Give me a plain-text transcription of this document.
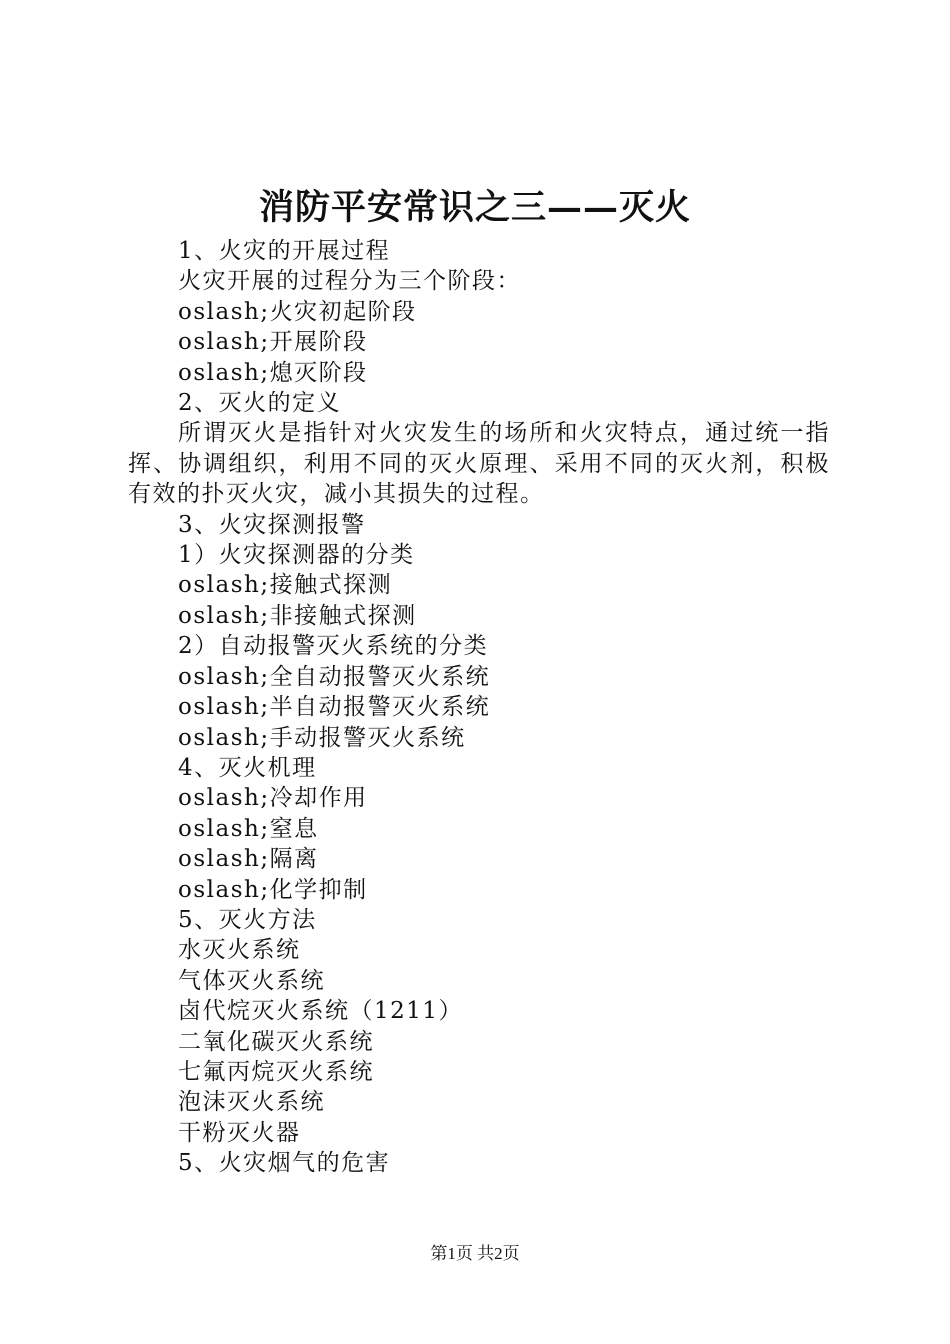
消防平安常识之三——灭火

1、火灾的开展过程

火灾开展的过程分为三个阶段：

oslash;火灾初起阶段

oslash;开展阶段

oslash;熄灭阶段

2、灭火的定义

所谓灭火是指针对火灾发生的场所和火灾特点，通过统一指挥、协调组织，利用不同的灭火原理、采用不同的灭火剂，积极有效的扑灭火灾，减小其损失的过程。

3、火灾探测报警

1）火灾探测器的分类

oslash;接触式探测

oslash;非接触式探测

2）自动报警灭火系统的分类

oslash;全自动报警灭火系统

oslash;半自动报警灭火系统

oslash;手动报警灭火系统

4、灭火机理

oslash;冷却作用

oslash;窒息

oslash;隔离

oslash;化学抑制

5、灭火方法

水灭火系统

气体灭火系统

卤代烷灭火系统（1211）

二氧化碳灭火系统

七氟丙烷灭火系统

泡沫灭火系统

干粉灭火器

5、火灾烟气的危害

第1页 共2页
